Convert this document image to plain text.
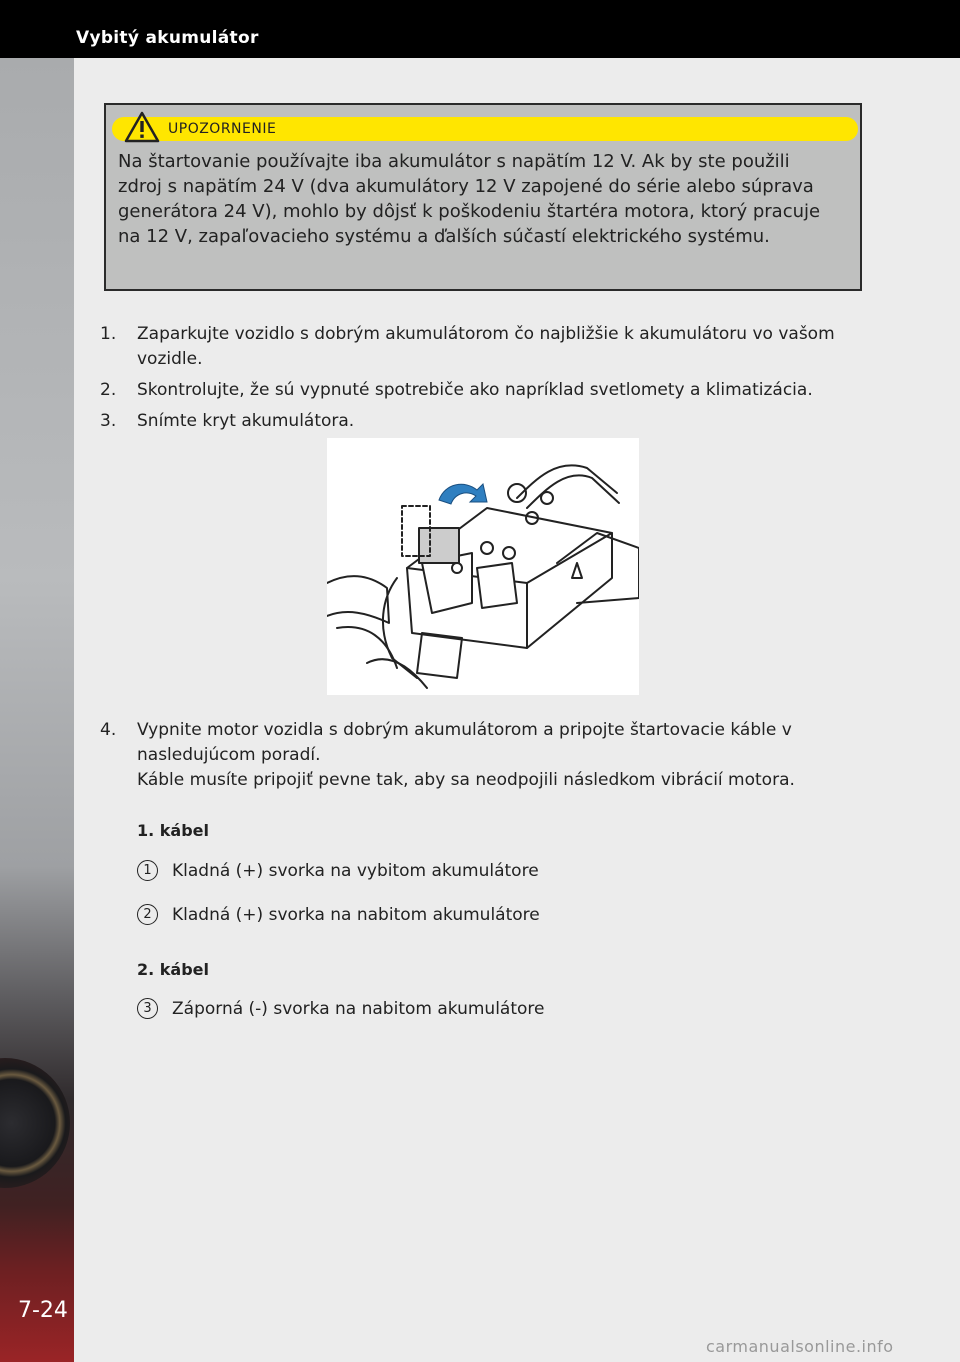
Vybitý akumulátor
7-24
UPOZORNENIE
Na štartovanie používajte iba akumulátor s napätím 12 V. Ak by ste použili zdroj s napätím 24 V (dva akumulátory 12 V zapojené do série alebo súprava generátora 24 V), mohlo by dôjsť k poškodeniu štartéra motora, ktorý pracuje na 12 V, zapaľovacieho systému a ďalších súčastí elektrického systému.
1.	Zaparkujte vozidlo s dobrým akumulátorom čo najbližšie k akumulátoru vo vašom vozidle.
2.	Skontrolujte, že sú vypnuté spotrebiče ako napríklad svetlomety a klimatizácia.
3.	Snímte kryt akumulátora.
4.	Vypnite motor vozidla s dobrým akumulátorom a pripojte štartovacie káble v nasledujúcom poradí.
Káble musíte pripojiť pevne tak, aby sa neodpojili následkom vibrácií motora.
1. kábel
1	Kladná (+) svorka na vybitom akumulátore
2	Kladná (+) svorka na nabitom akumulátore
2. kábel
3	Záporná (-) svorka na nabitom akumulátore
carmanualsonline.info
